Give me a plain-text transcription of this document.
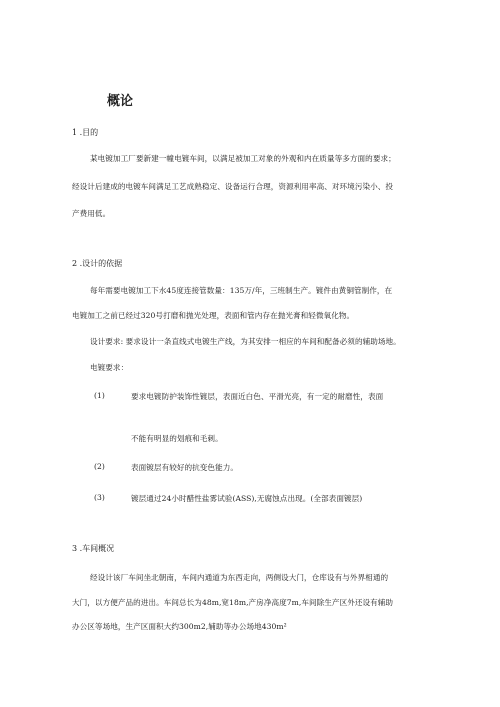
概论
1 .目的
某电镀加工厂要新建一幢电镀车间，以满足被加工对象的外观和内在质量等多方面的要求；
经设计后建成的电镀车间满足工艺成熟稳定、设备运行合理，资源利用率高、对环境污染小、投
产费用低。
2 .设计的依据
每年需要电镀加工下水45度连接管数量：135万/年，三班制生产。镀件由黄铜管制作，在
电镀加工之前已经过320号打磨和抛光处理，表面和管内存在抛光膏和轻微氧化物。
设计要求: 要求设计一条直线式电镀生产线，为其安排一相应的车间和配备必须的辅助场地。
电镀要求：
(1)	要求电镀防护装饰性镀层，表面近白色、平滑光亮，有一定的耐磨性，表面
不能有明显的划痕和毛刺。
(2)	表面镀层有较好的抗变色能力。
(3)	镀层通过24小时醋性盐雾试验(ASS),无腐蚀点出现。(全部表面镀层)
3 .车间概况
经设计该厂车间坐北朝南，车间内通道为东西走向，两侧设大门，仓库设有与外界相通的
大门，以方便产品的进出。车间总长为48m,宽18m,产房净高度7m,车间除生产区外还设有辅助
办公区等场地，生产区面积大约300m2,辅助等办公场地430m²
